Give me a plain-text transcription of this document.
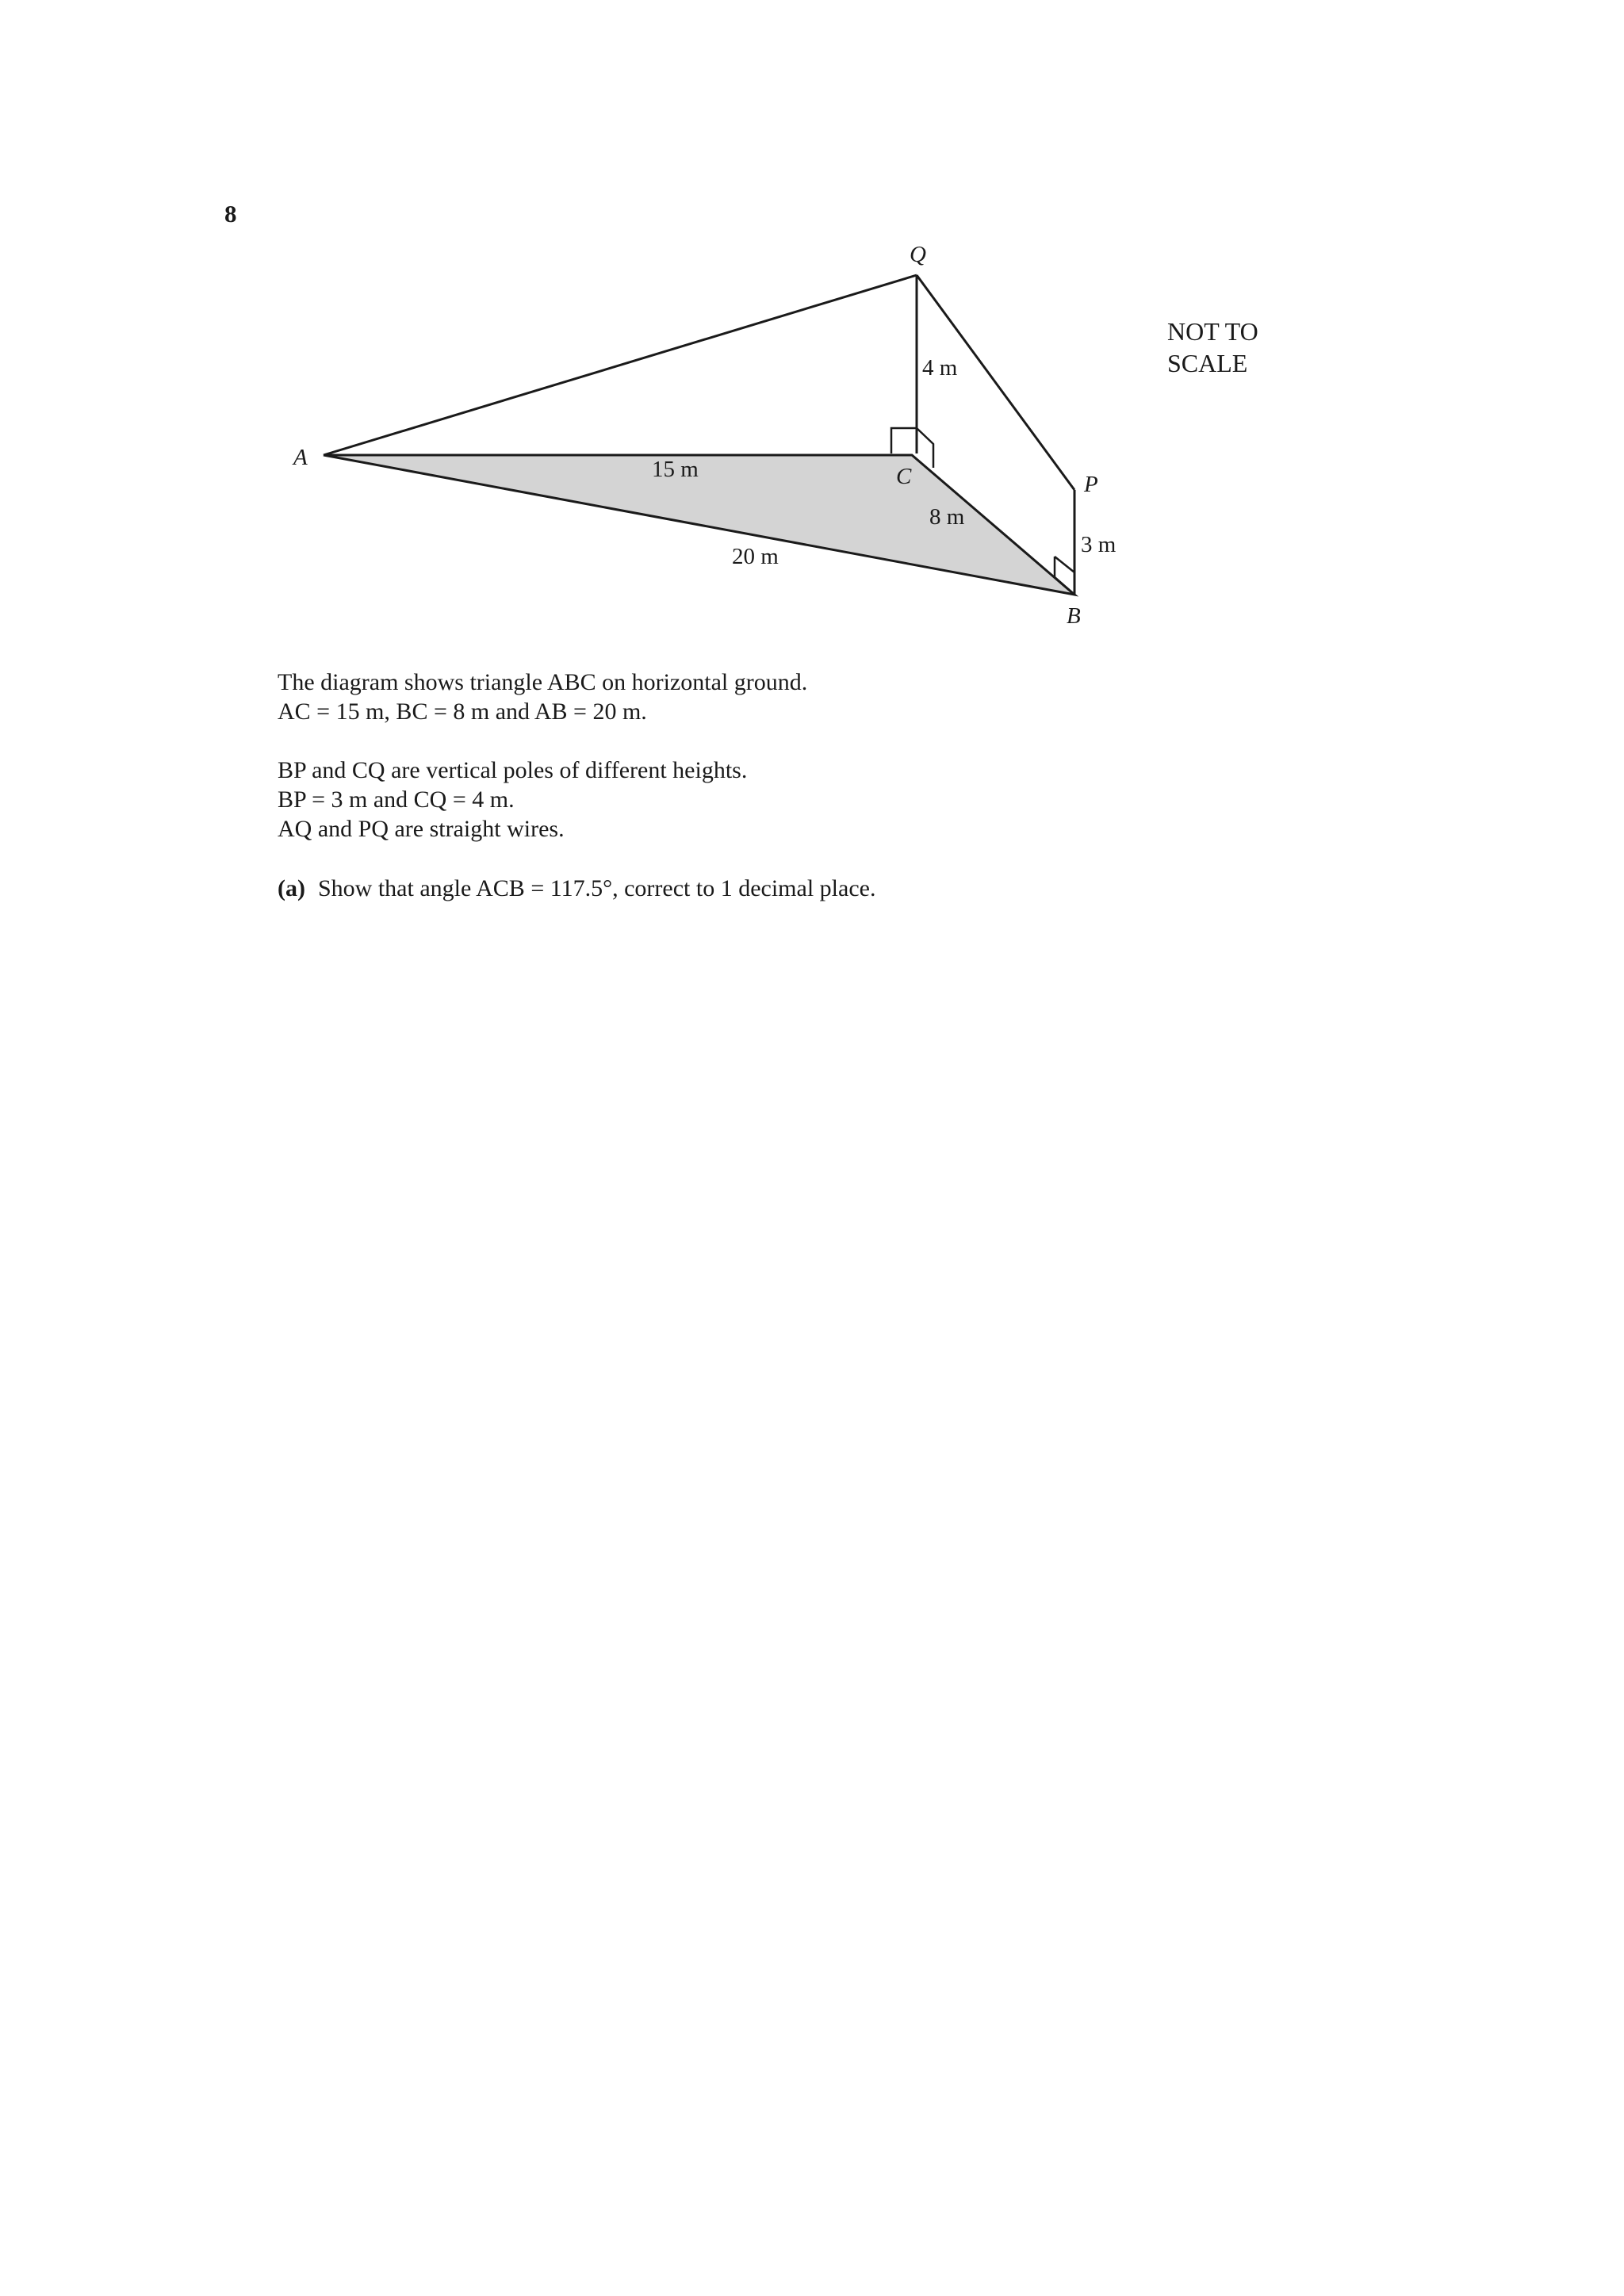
8
NOT TO
SCALE
Q
A
C	P
B
4 m
15 m
8 m
20 m	3 m

The diagram shows triangle ABC on horizontal ground.

AC = 15 m, BC = 8 m and AB = 20 m.

BP and CQ are vertical poles of different heights.

BP = 3 m and CQ = 4 m.

AQ and PQ are straight wires.

(a) Show that angle ACB = 117.5°, correct to 1 decimal place.
